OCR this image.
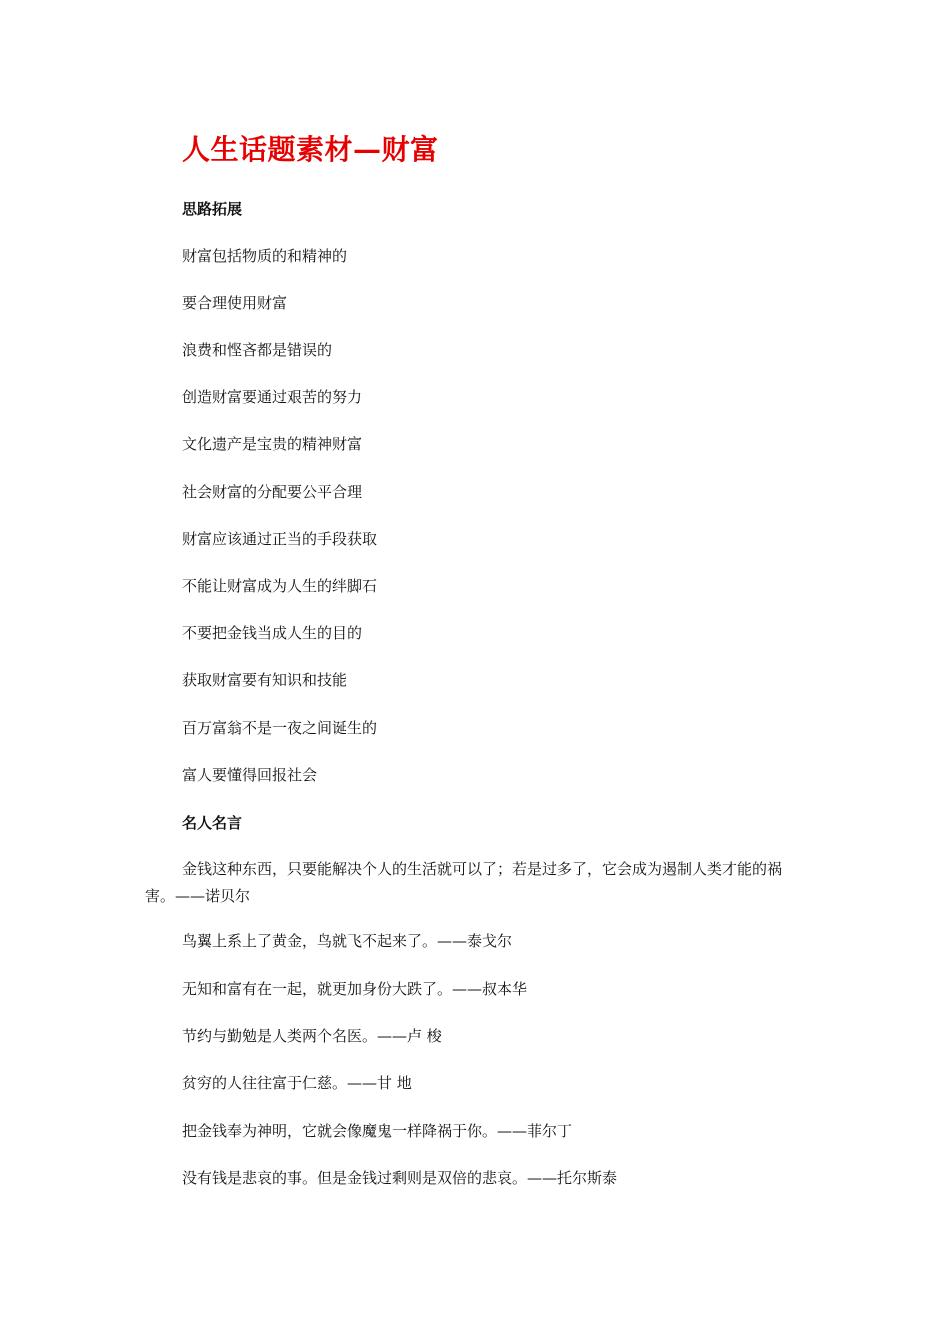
人生话题素材—财富
思路拓展
财富包括物质的和精神的
要合理使用财富
浪费和悭吝都是错误的
创造财富要通过艰苦的努力
文化遗产是宝贵的精神财富
社会财富的分配要公平合理
财富应该通过正当的手段获取
不能让财富成为人生的绊脚石
不要把金钱当成人生的目的
获取财富要有知识和技能
百万富翁不是一夜之间诞生的
富人要懂得回报社会
名人名言
金钱这种东西，只要能解决个人的生活就可以了；若是过多了，它会成为遏制人类才能的祸害。——诺贝尔
鸟翼上系上了黄金，鸟就飞不起来了。——泰戈尔
无知和富有在一起，就更加身份大跌了。——叔本华
节约与勤勉是人类两个名医。——卢 梭
贫穷的人往往富于仁慈。——甘 地
把金钱奉为神明，它就会像魔鬼一样降祸于你。——菲尔丁
没有钱是悲哀的事。但是金钱过剩则是双倍的悲哀。——托尔斯泰
